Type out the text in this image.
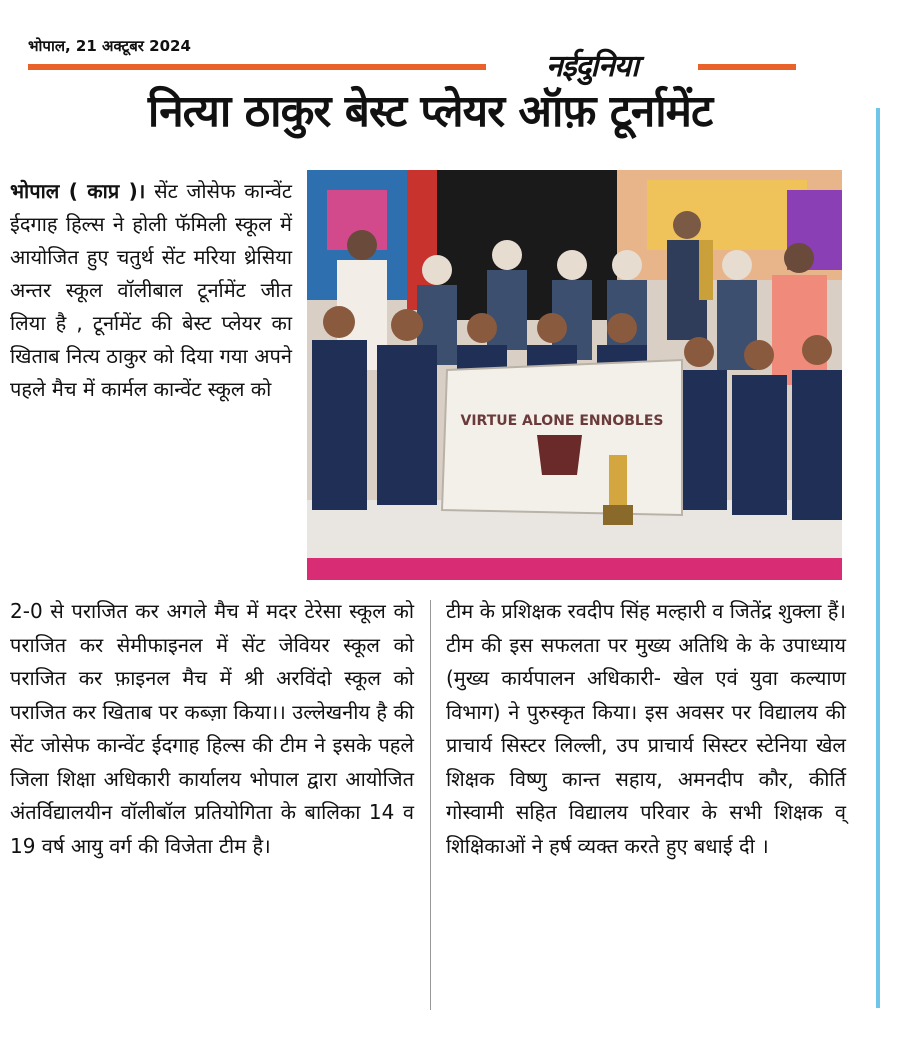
भोपाल, 21 अक्टूबर 2024
नईदुनिया
नित्या ठाकुर बेस्ट प्लेयर ऑफ़ टूर्नामेंट
भोपाल ( काप्र )। सेंट जोसेफ कान्वेंट ईदगाह हिल्स ने होली फॅमिली स्कूल में आयोजित हुए चतुर्थ सेंट मरिया थ्रेसिया अन्तर स्कूल वॉलीबाल टूर्नामेंट जीत लिया है , टूर्नामेंट की बेस्ट प्लेयर का खिताब नित्य ठाकुर को दिया गया अपने पहले मैच में कार्मल कान्वेंट स्कूल को
VIRTUE ALONE ENNOBLES
2-0 से पराजित कर अगले मैच में मदर टेरेसा स्कूल को पराजित कर सेमीफाइनल में सेंट जेवियर स्कूल को पराजित कर फ़ाइनल मैच में श्री अरविंदो स्कूल को पराजित कर खिताब पर कब्ज़ा किया।। उल्लेखनीय है की सेंट जोसेफ कान्वेंट ईदगाह हिल्स की टीम ने इसके पहले जिला शिक्षा अधिकारी कार्यालय भोपाल द्वारा आयोजित अंतर्विद्यालयीन वॉलीबॉल प्रतियोगिता के बालिका 14 व 19 वर्ष आयु वर्ग की विजेता टीम है।
टीम के प्रशिक्षक रवदीप सिंह मल्हारी व जितेंद्र शुक्ला हैं। टीम की इस सफलता पर मुख्य अतिथि के के उपाध्याय (मुख्य कार्यपालन अधिकारी- खेल एवं युवा कल्याण विभाग) ने पुरुस्कृत किया। इस अवसर पर विद्यालय की प्राचार्य सिस्टर लिल्ली, उप प्राचार्य सिस्टर स्टेनिया खेल शिक्षक विष्णु कान्त सहाय, अमनदीप कौर, कीर्ति गोस्वामी सहित विद्यालय परिवार के सभी शिक्षक व् शिक्षिकाओं ने हर्ष व्यक्त करते हुए बधाई दी ।
